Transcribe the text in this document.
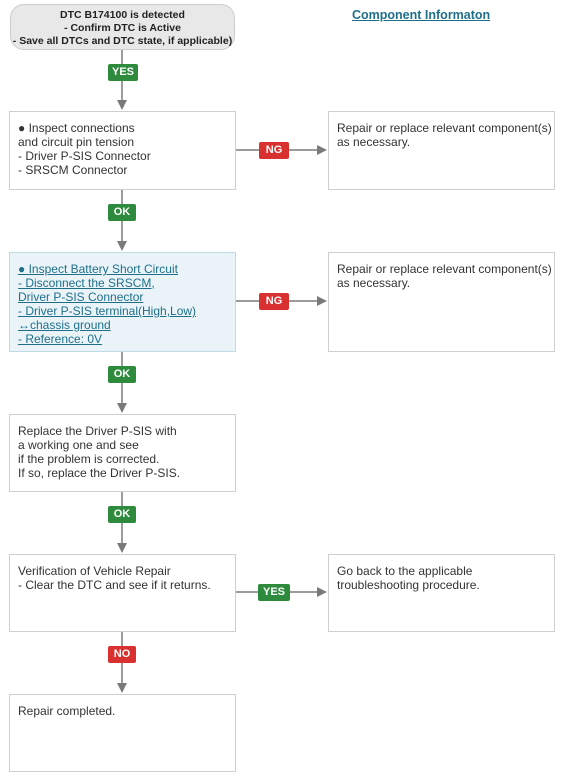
DTC B174100 is detected
- Confirm DTC is Active
- Save all DTCs and DTC state, if applicable)
Component Informaton
YES
OK
NG
OK
NG
OK
YES
NO
● Inspect connections
and circuit pin tension
- Driver P-SIS Connector
- SRSCM Connector
Repair or replace relevant component(s)
as necessary.
● Inspect Battery Short Circuit
- Disconnect the SRSCM,
Driver P-SIS Connector
- Driver P-SIS terminal(High,Low)
↔chassis ground
- Reference: 0V
Repair or replace relevant component(s)
as necessary.
Replace the Driver P-SIS with
a working one and see
if the problem is corrected.
If so, replace the Driver P-SIS.
Verification of Vehicle Repair
- Clear the DTC and see if it returns.
Go back to the applicable
troubleshooting procedure.
Repair completed.
